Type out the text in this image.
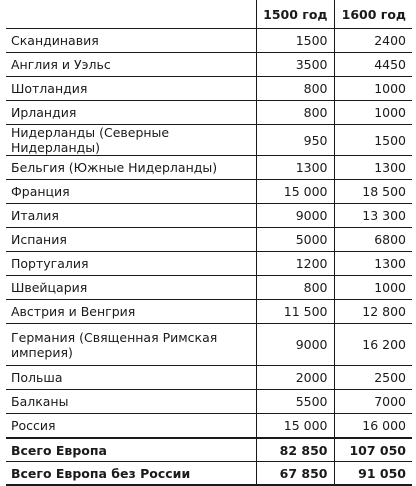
	1500 год	1600 год
Скандинавия	1500	2400
Англия и Уэльс	3500	4450
Шотландия	800	1000
Ирландия	800	1000
Нидерланды (Северные Нидерланды)	950	1500
Бельгия (Южные Нидерланды)	1300	1300
Франция	15 000	18 500
Италия	9000	13 300
Испания	5000	6800
Португалия	1200	1300
Швейцария	800	1000
Австрия и Венгрия	11 500	12 800
Германия (Священная Римская империя)	9000	16 200
Польша	2000	2500
Балканы	5500	7000
Россия	15 000	16 000
Всего Европа	82 850	107 050
Всего Европа без России	67 850	91 050
